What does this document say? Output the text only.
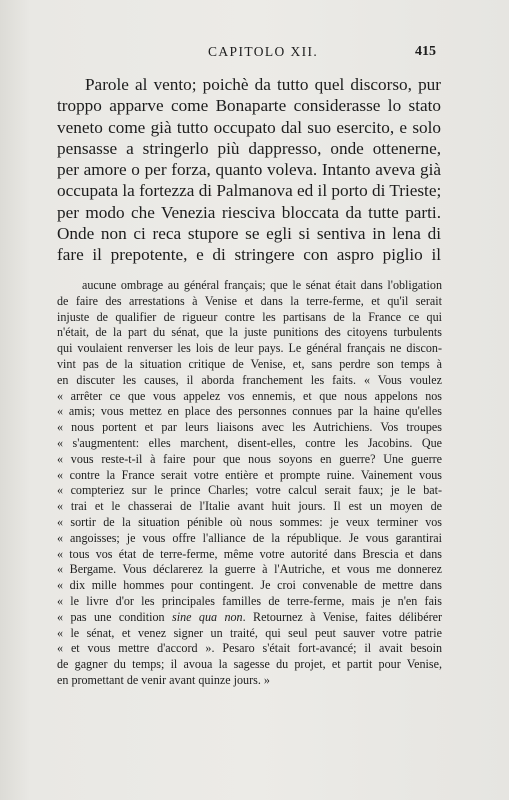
CAPITOLO XII.	415
Parole al vento; poichè da tutto quel discorso, pur
troppo apparve come Bonaparte considerasse lo stato
veneto come già tutto occupato dal suo esercito, e solo
pensasse a stringerlo più dappresso, onde ottenerne,
per amore o per forza, quanto voleva. Intanto aveva già
occupata la fortezza di Palmanova ed il porto di Trieste;
per modo che Venezia riesciva bloccata da tutte parti.
Onde non ci reca stupore se egli si sentiva in lena di
fare il prepotente, e di stringere con aspro piglio il
aucune ombrage au général français; que le sénat était dans l'obligation
de faire des arrestations à Venise et dans la terre-ferme, et qu'il serait
injuste de qualifier de rigueur contre les partisans de la France ce qui
n'était, de la part du sénat, que la juste punitions des citoyens turbulents
qui voulaient renverser les lois de leur pays. Le général français ne discon-
vint pas de la situation critique de Venise, et, sans perdre son temps à
en discuter les causes, il aborda franchement les faits. « Vous voulez
« arrêter ce que vous appelez vos ennemis, et que nous appelons nos
« amis; vous mettez en place des personnes connues par la haine qu'elles
« nous portent et par leurs liaisons avec les Autrichiens. Vos troupes
« s'augmentent: elles marchent, disent-elles, contre les Jacobins. Que
« vous reste-t-il à faire pour que nous soyons en guerre? Une guerre
« contre la France serait votre entière et prompte ruine. Vainement vous
« compteriez sur le prince Charles; votre calcul serait faux; je le bat-
« trai et le chasserai de l'Italie avant huit jours. Il est un moyen de
« sortir de la situation pénible où nous sommes: je veux terminer vos
« angoisses; je vous offre l'alliance de la république. Je vous garantirai
« tous vos état de terre-ferme, même votre autorité dans Brescia et dans
« Bergame. Vous déclarerez la guerre à l'Autriche, et vous me donnerez
« dix mille hommes pour contingent. Je croi convenable de mettre dans
« le livre d'or les principales familles de terre-ferme, mais je n'en fais
« pas une condition sine qua non. Retournez à Venise, faites délibérer
« le sénat, et venez signer un traité, qui seul peut sauver votre patrie
« et vous mettre d'accord ». Pesaro s'était fort-avancé; il avait besoin
de gagner du temps; il avoua la sagesse du projet, et partit pour Venise,
en promettant de venir avant quinze jours. »
